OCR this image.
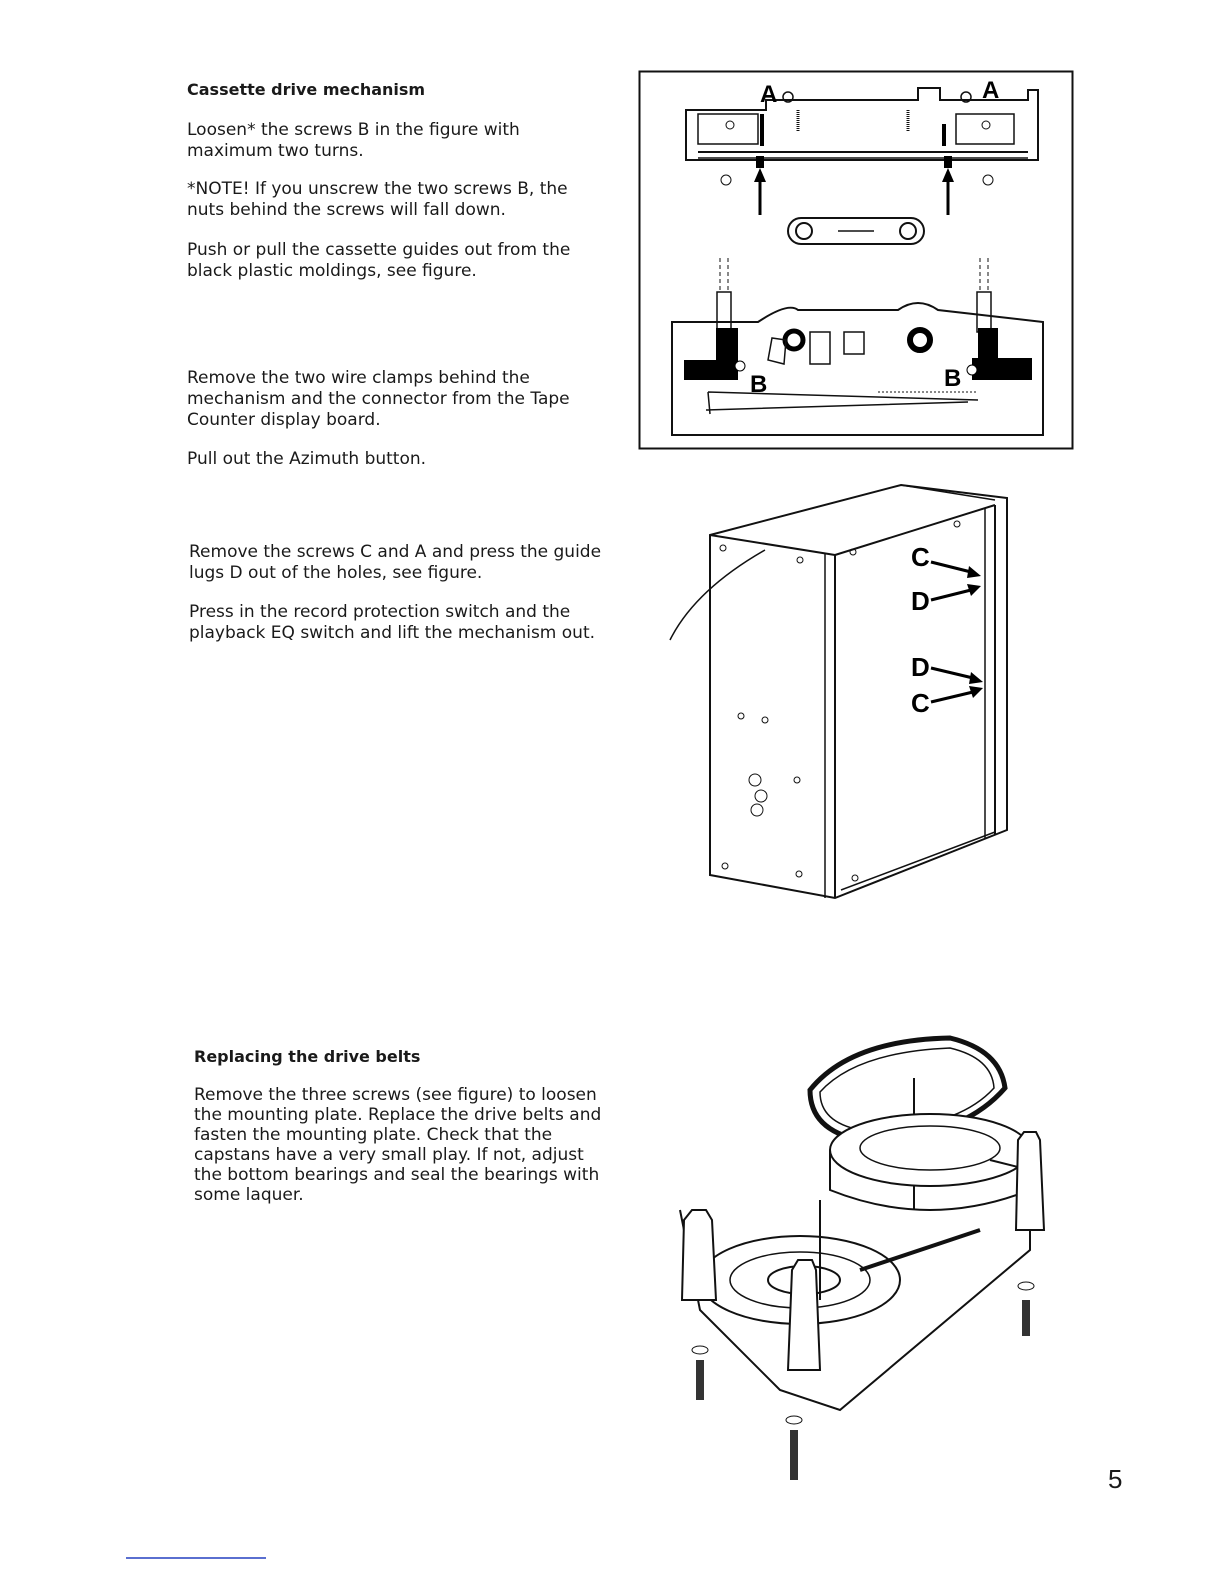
Cassette drive mechanism

Loosen* the screws B in the figure with
maximum two turns.

*NOTE! If you unscrew the two screws B, the
nuts behind the screws will fall down.

Push or pull the cassette guides out from the
black plastic moldings, see figure.

Remove the two wire clamps behind the
mechanism and the connector from the Tape
Counter display board.

Pull out the Azimuth button.

Remove the screws C and A and press the guide
lugs D out of the holes, see figure.

Press in the record protection switch and the
playback EQ switch and lift the mechanism out.

Replacing the drive belts

Remove the three screws (see figure) to loosen
the mounting plate. Replace the drive belts and
fasten the mounting plate. Check that the
capstans have a very small play. If not, adjust
the bottom bearings and seal the bearings with
some laquer.

A	A
B	B
C
D
D
C
5
